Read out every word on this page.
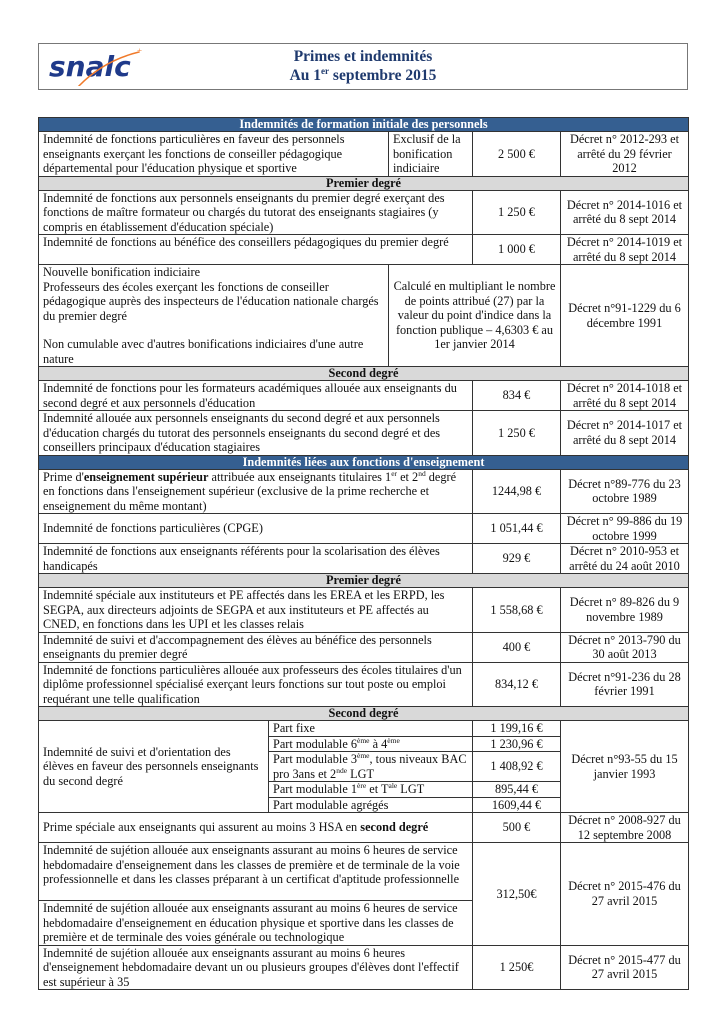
snalc +	Primes et indemnités
Au 1er septembre 2015
Indemnités de formation initiale des personnels				
Indemnité de fonctions particulières en faveur des personnels enseignants exerçant les fonctions de conseiller pédagogique départemental pour l'éducation physique et sportive		Exclusif de la bonification indiciaire	2 500 €	Décret n° 2012-293 et arrêté du 29 février 2012
Premier degré				
Indemnité de fonctions aux personnels enseignants du premier degré exerçant des fonctions de maître formateur ou chargés du tutorat des enseignants stagiaires (y compris en établissement d'éducation spéciale)			1 250 €	Décret n° 2014-1016 et arrêté du 8 sept 2014
Indemnité de fonctions au bénéfice des conseillers pédagogiques du premier degré			1 000 €	Décret n° 2014-1019 et arrêté du 8 sept 2014

Nouvelle bonification indiciaire
Professeurs des écoles exerçant les fonctions de conseiller pédagogique auprès des inspecteurs de l'éducation nationale chargés du premier degré
Non cumulable avec d'autres bonifications indiciaires d'une autre nature		Calculé en multipliant le nombre de points attribué (27) par la valeur du point d'indice dans la fonction publique – 4,6303 € au 1er janvier 2014		Décret n°91-1229 du 6 décembre 1991
Second degré				
Indemnité de fonctions pour les formateurs académiques allouée aux enseignants du second degré et aux personnels d'éducation			834 €	Décret n° 2014-1018 et arrêté du 8 sept 2014
Indemnité allouée aux personnels enseignants du second degré et aux personnels d'éducation chargés du tutorat des personnels enseignants du second degré et des conseillers principaux d'éducation stagiaires			1 250 €	Décret n° 2014-1017 et arrêté du 8 sept 2014
Indemnités liées aux fonctions d'enseignement				
Prime d'enseignement supérieur attribuée aux enseignants titulaires 1er et 2nd degré en fonctions dans l'enseignement supérieur (exclusive de la prime recherche et enseignement du même montant)			1244,98 €	Décret n°89-776 du 23 octobre 1989
Indemnité de fonctions particulières (CPGE)			1 051,44 €	Décret n° 99-886 du 19 octobre 1999
Indemnité de fonctions aux enseignants référents pour la scolarisation des élèves handicapés			929 €	Décret n° 2010-953 et arrêté du 24 août 2010
Premier degré				
Indemnité spéciale aux instituteurs et PE affectés dans les EREA et les ERPD, les SEGPA, aux directeurs adjoints de SEGPA et aux instituteurs et PE affectés au CNED, en fonctions dans les UPI et les classes relais			1 558,68 €	Décret n° 89-826 du 9 novembre 1989
Indemnité de suivi et d'accompagnement des élèves au bénéfice des personnels enseignants du premier degré			400 €	Décret n° 2013-790 du 30 août 2013
Indemnité de fonctions particulières allouée aux professeurs des écoles titulaires d'un diplôme professionnel spécialisé exerçant leurs fonctions sur tout poste ou emploi requérant une telle qualification			834,12 €	Décret n°91-236 du 28 février 1991
Second degré				
Indemnité de suivi et d'orientation des élèves en faveur des personnels enseignants du second degré	Part fixe		1 199,16 €	Décret n°93-55 du 15 janvier 1993
	Part modulable 6ème à 4ème		1 230,96 €	
	Part modulable 3ème, tous niveaux BAC pro 3ans et 2nde LGT		1 408,92 €	
	Part modulable 1ère et $T^{ale}$ LGT		895,44 €	
	Part modulable agrégés		1609,44 €	
Prime spéciale aux enseignants qui assurent au moins 3 HSA en second degré			500 €	Décret n° 2008-927 du 12 septembre 2008
Indemnité de sujétion allouée aux enseignants assurant au moins 6 heures de service hebdomadaire d'enseignement dans les classes de première et de terminale de la voie professionnelle et dans les classes préparant à un certificat d'aptitude professionnelle			312,50€	Décret n° 2015-476 du 27 avril 2015
Indemnité de sujétion allouée aux enseignants assurant au moins 6 heures de service hebdomadaire d'enseignement en éducation physique et sportive dans les classes de première et de terminale des voies générale ou technologique				
Indemnité de sujétion allouée aux enseignants assurant au moins 6 heures d'enseignement hebdomadaire devant un ou plusieurs groupes d'élèves dont l'effectif est supérieur à 35			1 250€	Décret n° 2015-477 du 27 avril 2015
